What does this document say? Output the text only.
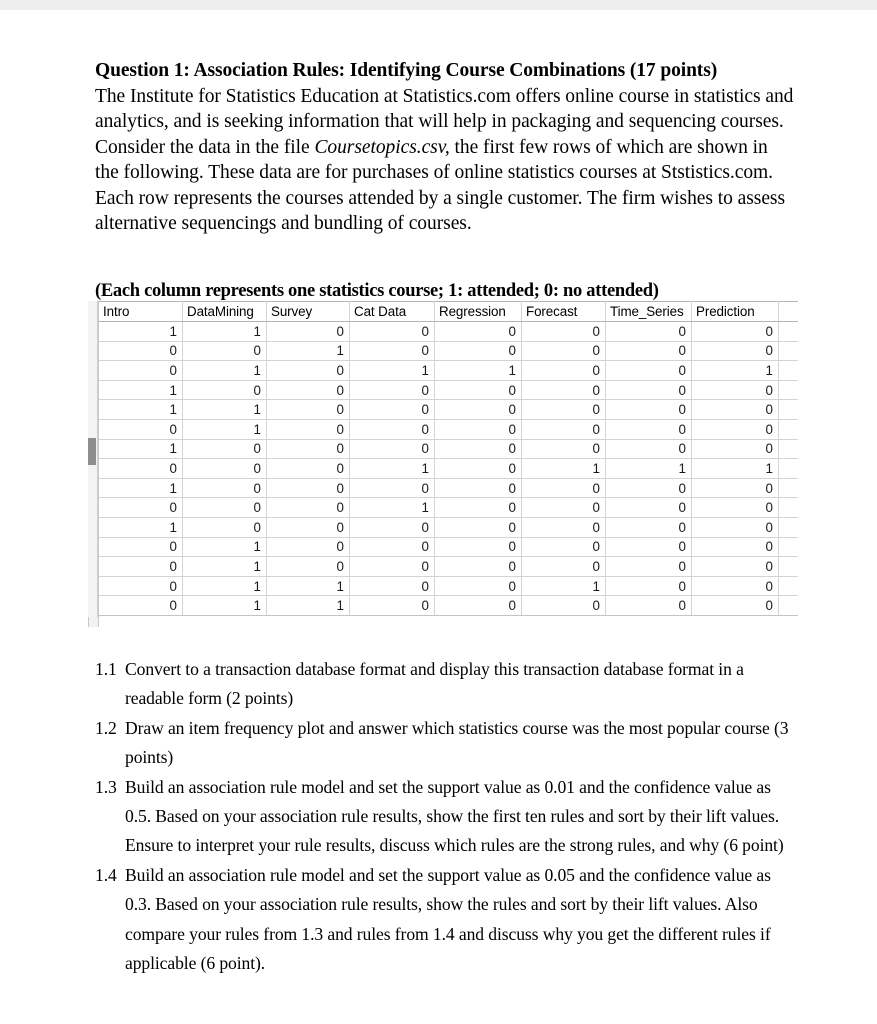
Question 1: Association Rules: Identifying Course Combinations (17 points)
The Institute for Statistics Education at Statistics.com offers online course in statistics and analytics, and is seeking information that will help in packaging and sequencing courses. Consider the data in the file Coursetopics.csv, the first few rows of which are shown in the following. These data are for purchases of online statistics courses at Ststistics.com. Each row represents the courses attended by a single customer. The firm wishes to assess alternative sequencings and bundling of courses.
(Each column represents one statistics course; 1: attended; 0: no attended)
	Intro	DataMining	Survey	Cat Data	Regression	Forecast	Time_Series	Prediction	
	1	1	0	0	0	0	0	0	
	0	0	1	0	0	0	0	0	
	0	1	0	1	1	0	0	1	
	1	0	0	0	0	0	0	0	
	1	1	0	0	0	0	0	0	
	0	1	0	0	0	0	0	0	
	1	0	0	0	0	0	0	0	
	0	0	0	1	0	1	1	1	
	1	0	0	0	0	0	0	0	
	0	0	0	1	0	0	0	0	
	1	0	0	0	0	0	0	0	
	0	1	0	0	0	0	0	0	
	0	1	0	0	0	0	0	0	
	0	1	1	0	0	1	0	0	
	0	1	1	0	0	0	0	0	

1.1 Convert to a transaction database format and display this transaction database format in a readable form (2 points)
1.2 Draw an item frequency plot and answer which statistics course was the most popular course (3 points)
1.3 Build an association rule model and set the support value as 0.01 and the confidence value as 0.5. Based on your association rule results, show the first ten rules and sort by their lift values. Ensure to interpret your rule results, discuss which rules are the strong rules, and why (6 point)
1.4 Build an association rule model and set the support value as 0.05 and the confidence value as 0.3. Based on your association rule results, show the rules and sort by their lift values. Also compare your rules from 1.3 and rules from 1.4 and discuss why you get the different rules if applicable (6 point).
